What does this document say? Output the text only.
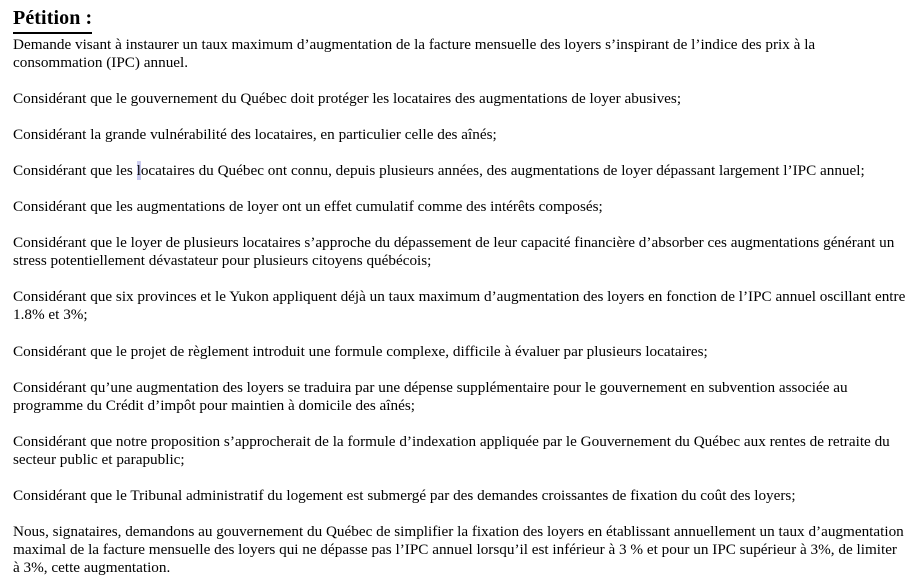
Pétition :

Demande visant à instaurer un taux maximum d’augmentation de la facture mensuelle des loyers s’inspirant de l’indice des prix à la consommation (IPC) annuel.

Considérant que le gouvernement du Québec doit protéger les locataires des augmentations de loyer abusives;

Considérant la grande vulnérabilité des locataires, en particulier celle des aînés;

Considérant que les locataires du Québec ont connu, depuis plusieurs années, des augmentations de loyer dépassant largement l’IPC annuel;

Considérant que les augmentations de loyer ont un effet cumulatif comme des intérêts composés;

Considérant que le loyer de plusieurs locataires s’approche du dépassement de leur capacité financière d’absorber ces augmentations générant un stress potentiellement dévastateur pour plusieurs citoyens québécois;

Considérant que six provinces et le Yukon appliquent déjà un taux maximum d’augmentation des loyers en fonction de l’IPC annuel oscillant entre 1.8% et 3%;

Considérant que le projet de règlement introduit une formule complexe, difficile à évaluer par plusieurs locataires;

Considérant qu’une augmentation des loyers se traduira par une dépense supplémentaire pour le gouvernement en subvention associée au programme du Crédit d’impôt pour maintien à domicile des aînés;

Considérant que notre proposition s’approcherait de la formule d’indexation appliquée par le Gouvernement du Québec aux rentes de retraite du secteur public et parapublic;

Considérant que le Tribunal administratif du logement est submergé par des demandes croissantes de fixation du coût des loyers;

Nous, signataires, demandons au gouvernement du Québec de simplifier la fixation des loyers en établissant annuellement un taux d’augmentation maximal de la facture mensuelle des loyers qui ne dépasse pas l’IPC annuel lorsqu’il est inférieur à 3 % et pour un IPC supérieur à 3%, de limiter à 3%, cette augmentation.
